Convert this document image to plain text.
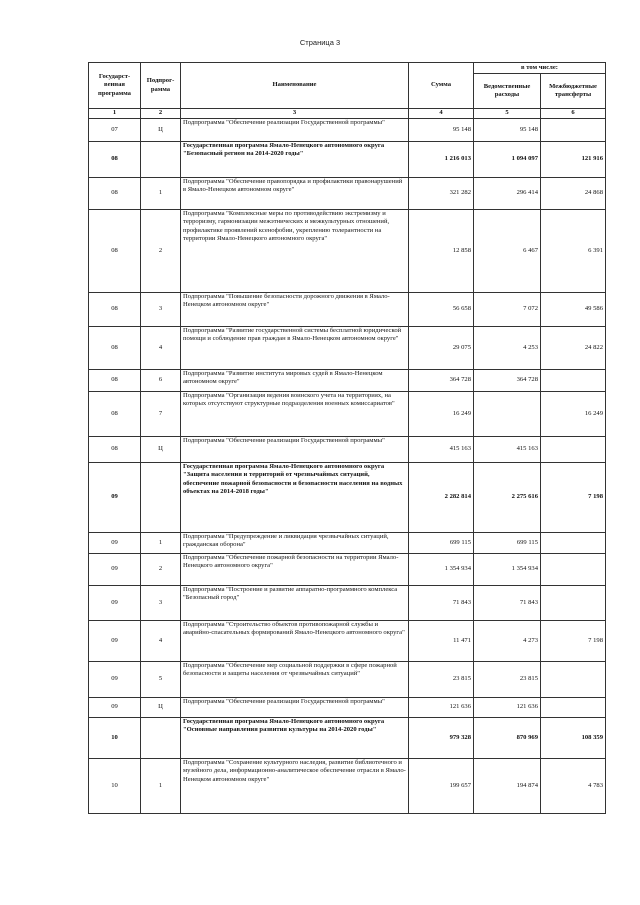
Страница 3
Государст-венная программа	Подпрог-рамма	Наименование	Сумма	в том числе:	
				Ведомственные расходы	Межбюджетные трансферты
1	2	3	4	5	6
07	Ц	Подпрограмма "Обеспечение реализации Государственной программы"	95 148	95 148	
08		Государственная программа Ямало-Ненецкого автономного округа "Безопасный регион на 2014-2020 годы"	1 216 013	1 094 097	121 916
08	1	Подпрограмма "Обеспечение правопорядка и профилактики правонарушений в Ямало-Ненецком автономном округе"	321 282	296 414	24 868
08	2	Подпрограмма "Комплексные меры по противодействию экстремизму и терроризму, гармонизации межэтнических и межкультурных отношений, профилактике проявлений ксенофобии, укреплению толерантности на территории Ямало-Ненецкого автономного округа"	12 858	6 467	6 391
08	3	Подпрограмма "Повышение безопасности дорожного движения в Ямало-Ненецком автономном округе"	56 658	7 072	49 586
08	4	Подпрограмма "Развитие государственной системы бесплатной юридической помощи и соблюдение прав граждан в Ямало-Ненецком автономном округе"	29 075	4 253	24 822
08	6	Подпрограмма "Развитие института мировых судей в Ямало-Ненецком автономном округе"	364 728	364 728	
08	7	Подпрограмма "Организация ведения воинского учета на территориях, на которых отсутствуют структурные подразделения военных комиссариатов"	16 249		16 249
08	Ц	Подпрограмма "Обеспечение реализации Государственной программы"	415 163	415 163	
09		Государственная программа Ямало-Ненецкого автономного округа "Защита населения и территорий от чрезвычайных ситуаций, обеспечение пожарной безопасности и безопасности населения на водных объектах на 2014-2018 годы"	2 282 814	2 275 616	7 198
09	1	Подпрограмма "Предупреждение и ликвидация чрезвычайных ситуаций, гражданская оборона"	699 115	699 115	
09	2	Подпрограмма "Обеспечение пожарной безопасности на территории Ямало-Ненецкого автономного округа"	1 354 934	1 354 934	
09	3	Подпрограмма "Построение и развитие аппаратно-программного комплекса "Безопасный город"	71 843	71 843	
09	4	Подпрограмма "Строительство объектов противопожарной службы и аварийно-спасательных формирований Ямало-Ненецкого автономного округа"	11 471	4 273	7 198
09	5	Подпрограмма "Обеспечение мер социальной поддержки в сфере пожарной безопасности и защиты населения от чрезвычайных ситуаций"	23 815	23 815	
09	Ц	Подпрограмма "Обеспечение реализации Государственной программы"	121 636	121 636	
10		Государственная программа Ямало-Ненецкого автономного округа "Основные направления развития культуры на 2014-2020 годы"	979 328	870 969	108 359
10	1	Подпрограмма "Сохранение культурного наследия, развитие библиотечного и музейного дела, информационно-аналитическое обеспечение отрасли в Ямало-Ненецком автономном округе"	199 657	194 874	4 783
